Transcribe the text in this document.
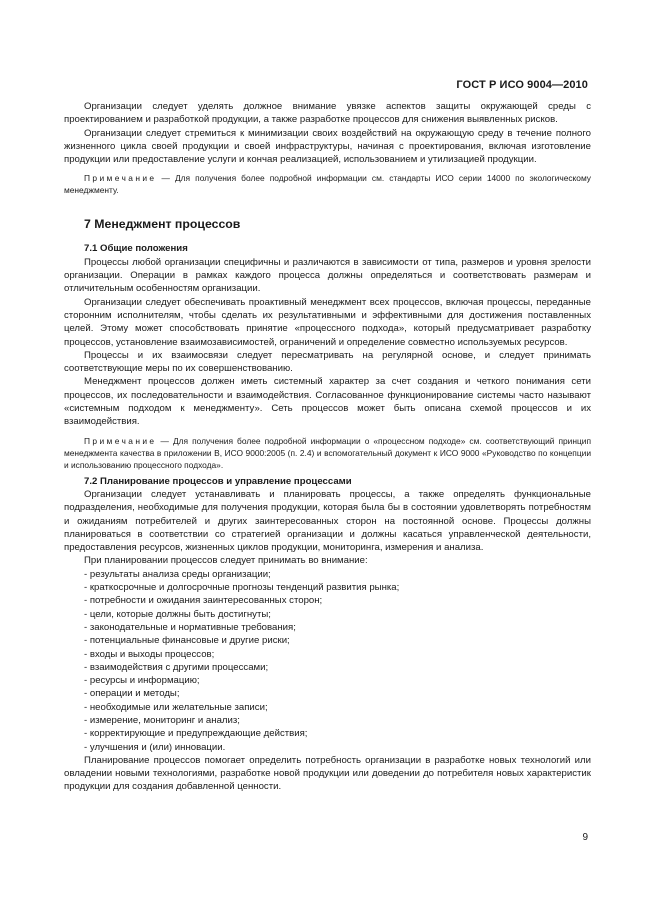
ГОСТ Р ИСО 9004—2010

Организации следует уделять должное внимание увязке аспектов защиты окружающей среды с проектированием и разработкой продукции, а также разработке процессов для снижения выявленных рисков.

Организации следует стремиться к минимизации своих воздействий на окружающую среду в течение полного жизненного цикла своей продукции и своей инфраструктуры, начиная с проектирования, включая изготовление продукции или предоставление услуги и кончая реализацией, использованием и утилизацией продукции.

Примечание — Для получения более подробной информации см. стандарты ИСО серии 14000 по экологическому менеджменту.

7 Менеджмент процессов
7.1 Общие положения

Процессы любой организации специфичны и различаются в зависимости от типа, размеров и уровня зрелости организации. Операции в рамках каждого процесса должны определяться и соответствовать размерам и отличительным особенностям организации.

Организации следует обеспечивать проактивный менеджмент всех процессов, включая процессы, переданные сторонним исполнителям, чтобы сделать их результативными и эффективными для достижения поставленных целей. Этому может способствовать принятие «процессного подхода», который предусматривает разработку процессов, установление взаимозависимостей, ограничений и определение совместно используемых ресурсов.

Процессы и их взаимосвязи следует пересматривать на регулярной основе, и следует принимать соответствующие меры по их совершенствованию.

Менеджмент процессов должен иметь системный характер за счет создания и четкого понимания сети процессов, их последовательности и взаимодействия. Согласованное функционирование системы часто называют «системным подходом к менеджменту». Сеть процессов может быть описана схемой процессов и их взаимодействия.

Примечание — Для получения более подробной информации о «процессном подходе» см. соответствующий принцип менеджмента качества в приложении В, ИСО 9000:2005 (п. 2.4) и вспомогательный документ к ИСО 9000 «Руководство по концепции и использованию процессного подхода».

7.2 Планирование процессов и управление процессами

Организации следует устанавливать и планировать процессы, а также определять функциональные подразделения, необходимые для получения продукции, которая была бы в состоянии удовлетворять потребностям и ожиданиям потребителей и других заинтересованных сторон на постоянной основе. Процессы должны планироваться в соответствии со стратегией организации и должны касаться управленческой деятельности, предоставления ресурсов, жизненных циклов продукции, мониторинга, измерения и анализа.

При планировании процессов следует принимать во внимание:

- результаты анализа среды организации;
- краткосрочные и долгосрочные прогнозы тенденций развития рынка;
- потребности и ожидания заинтересованных сторон;
- цели, которые должны быть достигнуты;
- законодательные и нормативные требования;
- потенциальные финансовые и другие риски;
- входы и выходы процессов;
- взаимодействия с другими процессами;
- ресурсы и информацию;
- операции и методы;
- необходимые или желательные записи;
- измерение, мониторинг и анализ;
- корректирующие и предупреждающие действия;
- улучшения и (или) инновации.

Планирование процессов помогает определить потребность организации в разработке новых технологий или овладении новыми технологиями, разработке новой продукции или доведении до потребителя новых характеристик продукции для создания добавленной ценности.

9
